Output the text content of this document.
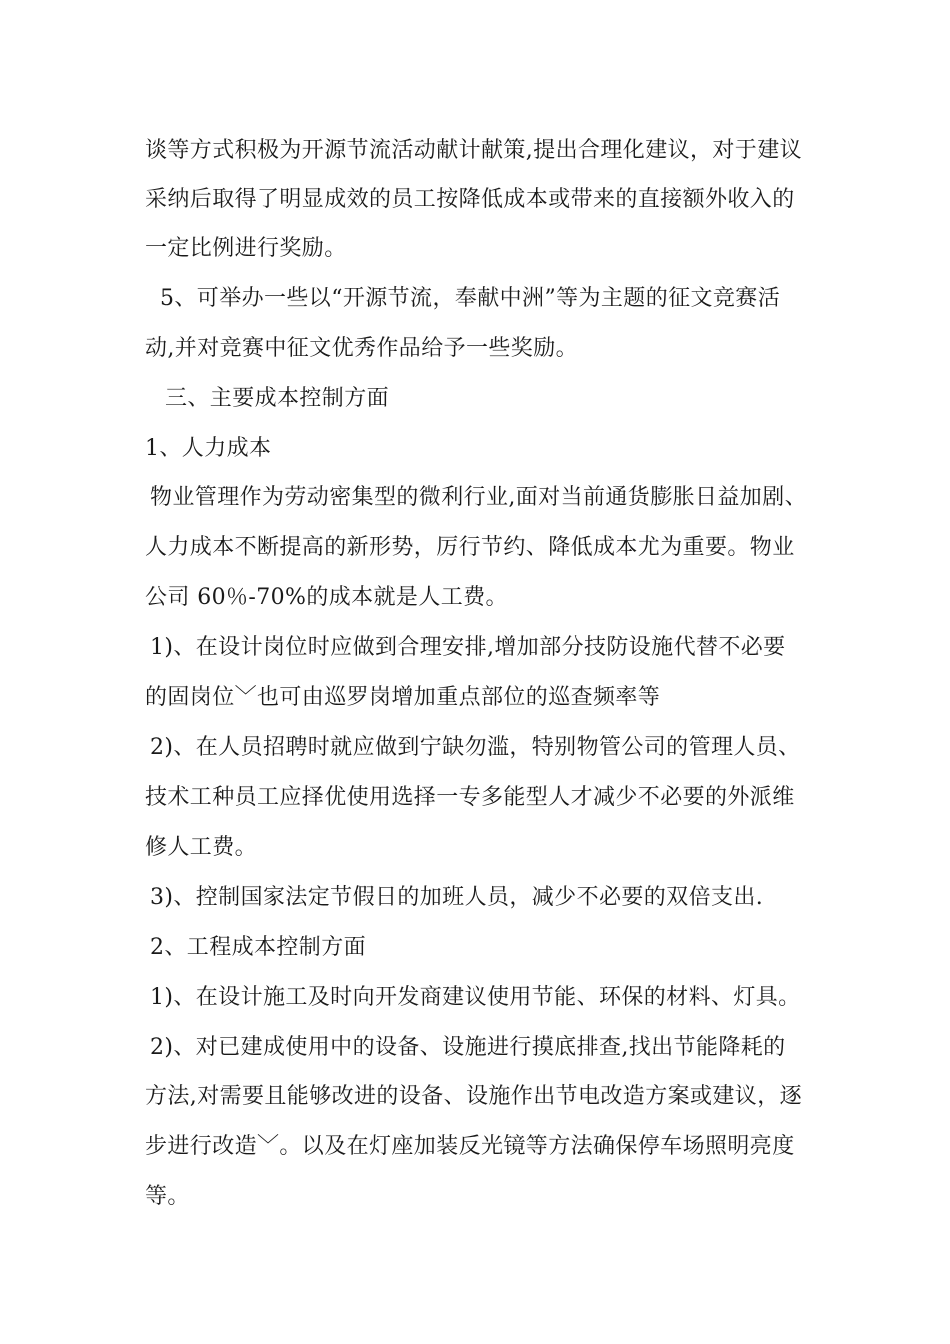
谈等方式积极为开源节流活动献计献策,提出合理化建议，对于建议
采纳后取得了明显成效的员工按降低成本或带来的直接额外收入的
一定比例进行奖励。
5、可举办一些以“开源节流，奉献中洲”等为主题的征文竞赛活
动,并对竞赛中征文优秀作品给予一些奖励。
三、主要成本控制方面
1、人力成本
物业管理作为劳动密集型的微利行业,面对当前通货膨胀日益加剧、
人力成本不断提高的新形势，厉行节约、降低成本尤为重要。物业
公司 60％-70%的成本就是人工费。
1)、在设计岗位时应做到合理安排,增加部分技防设施代替不必要
的固岗位﹀也可由巡罗岗增加重点部位的巡查频率等
2)、在人员招聘时就应做到宁缺勿滥，特别物管公司的管理人员、
技术工种员工应择优使用选择一专多能型人才减少不必要的外派维
修人工费。
3)、控制国家法定节假日的加班人员，减少不必要的双倍支出.
2、工程成本控制方面
1)、在设计施工及时向开发商建议使用节能、环保的材料、灯具。
2)、对已建成使用中的设备、设施进行摸底排查,找出节能降耗的
方法,对需要且能够改进的设备、设施作出节电改造方案或建议，逐
步进行改造﹀。以及在灯座加装反光镜等方法确保停车场照明亮度
等。
